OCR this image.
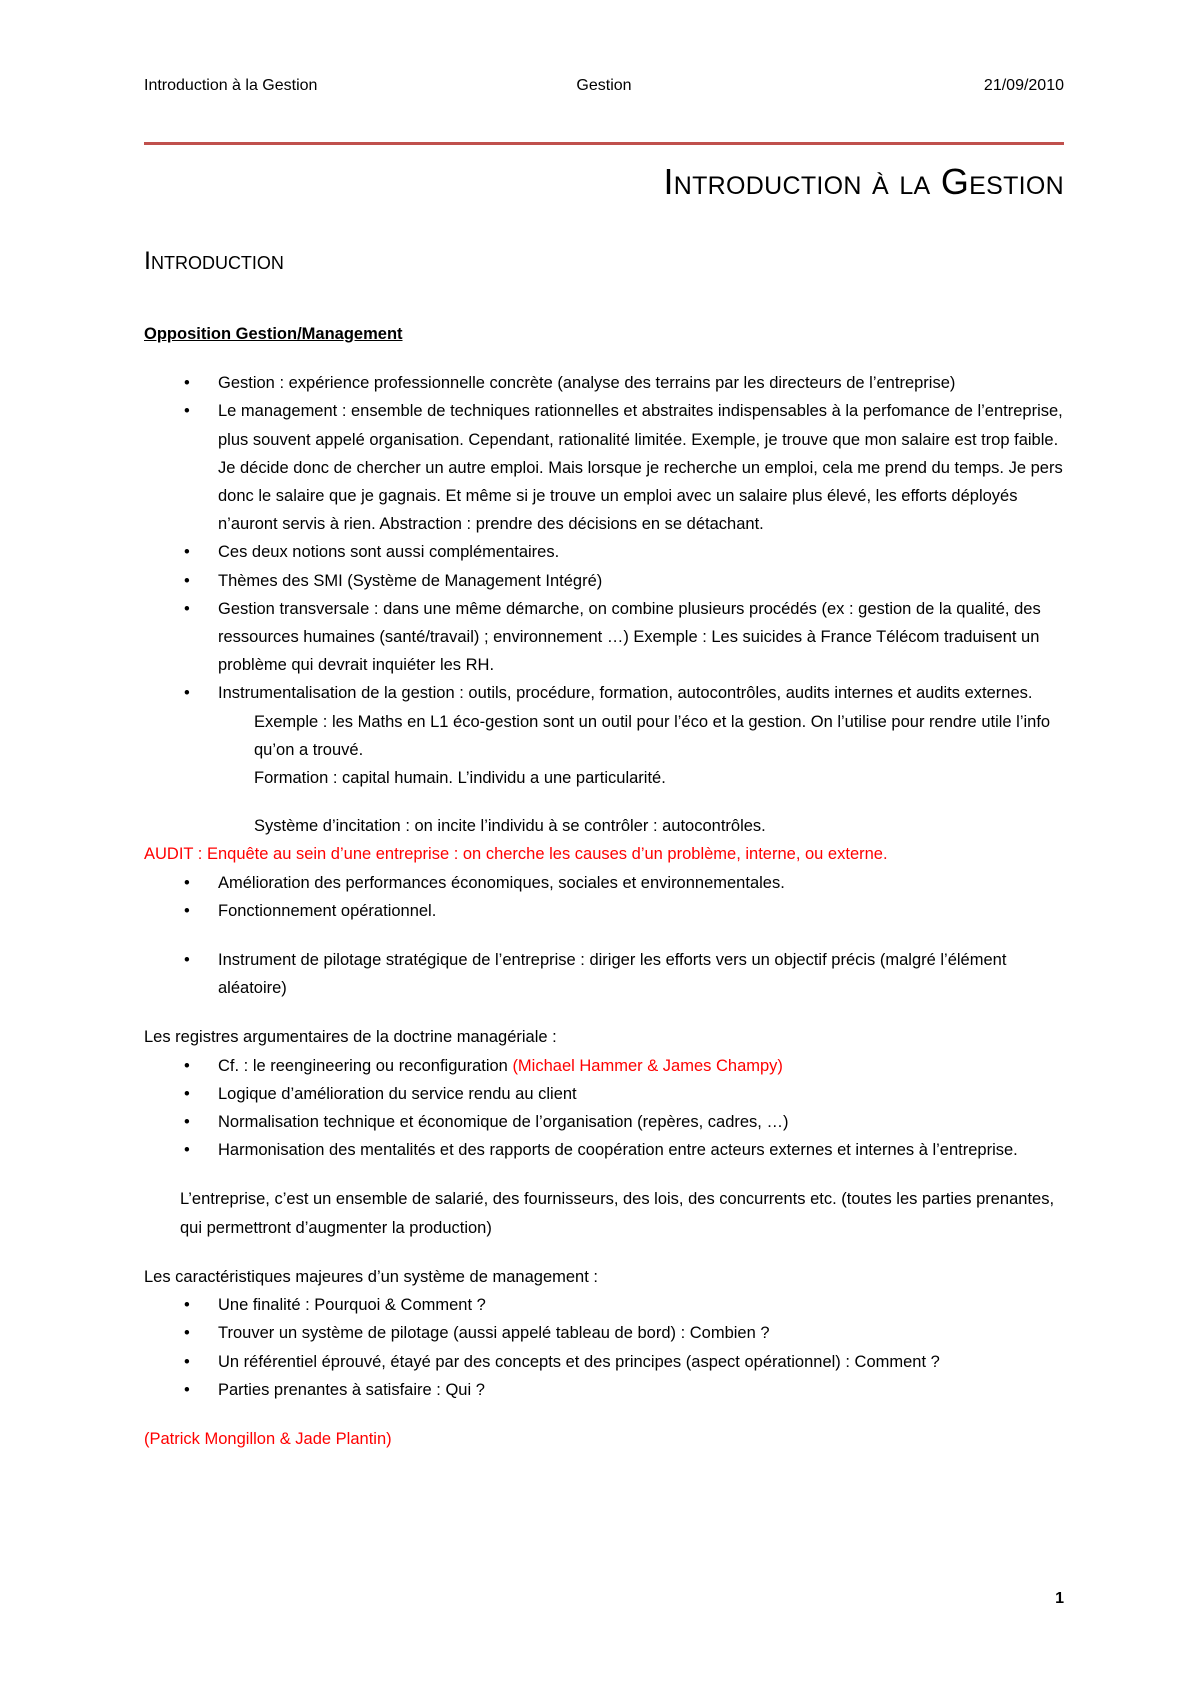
Introduction à la Gestion	Gestion	21/09/2010
Introduction à la Gestion
Introduction

Opposition Gestion/Management

• Gestion : expérience professionnelle concrète (analyse des terrains par les directeurs de l’entreprise)
• Le management : ensemble de techniques rationnelles et abstraites indispensables à la perfomance de l’entreprise, plus souvent appelé organisation. Cependant, rationalité limitée. Exemple, je trouve que mon salaire est trop faible. Je décide donc de chercher un autre emploi. Mais lorsque je recherche un emploi, cela me prend du temps. Je pers donc le salaire que je gagnais. Et même si je trouve un emploi avec un salaire plus élevé, les efforts déployés n’auront servis à rien. Abstraction : prendre des décisions en se détachant.
• Ces deux notions sont aussi complémentaires.
• Thèmes des SMI (Système de Management Intégré)
• Gestion transversale : dans une même démarche, on combine plusieurs procédés (ex : gestion de la qualité, des ressources humaines (santé/travail) ; environnement …) Exemple : Les suicides à France Télécom traduisent un problème qui devrait inquiéter les RH.
• Instrumentalisation de la gestion : outils, procédure, formation, autocontrôles, audits internes et audits externes.

Exemple : les Maths en L1 éco-gestion sont un outil pour l’éco et la gestion. On l’utilise pour rendre utile l’info qu’on a trouvé.

Formation : capital humain. L’individu a une particularité.

Système d’incitation : on incite l’individu à se contrôler : autocontrôles.

AUDIT : Enquête au sein d’une entreprise : on cherche les causes d’un problème, interne, ou externe.

• Amélioration des performances économiques, sociales et environnementales.
• Fonctionnement opérationnel.
• Instrument de pilotage stratégique de l’entreprise : diriger les efforts vers un objectif précis (malgré l’élément aléatoire)

Les registres argumentaires de la doctrine managériale :

• Cf. : le reengineering ou reconfiguration (Michael Hammer & James Champy)
• Logique d’amélioration du service rendu au client
• Normalisation technique et économique de l’organisation (repères, cadres, …)
• Harmonisation des mentalités et des rapports de coopération entre acteurs externes et internes à l’entreprise.

L’entreprise, c’est un ensemble de salarié, des fournisseurs, des lois, des concurrents etc. (toutes les parties prenantes, qui permettront d’augmenter la production)

Les caractéristiques majeures d’un système de management :

• Une finalité : Pourquoi & Comment ?
• Trouver un système de pilotage (aussi appelé tableau de bord) : Combien ?
• Un référentiel éprouvé, étayé par des concepts et des principes (aspect opérationnel) : Comment ?
• Parties prenantes à satisfaire : Qui ?

(Patrick Mongillon & Jade Plantin)

1
